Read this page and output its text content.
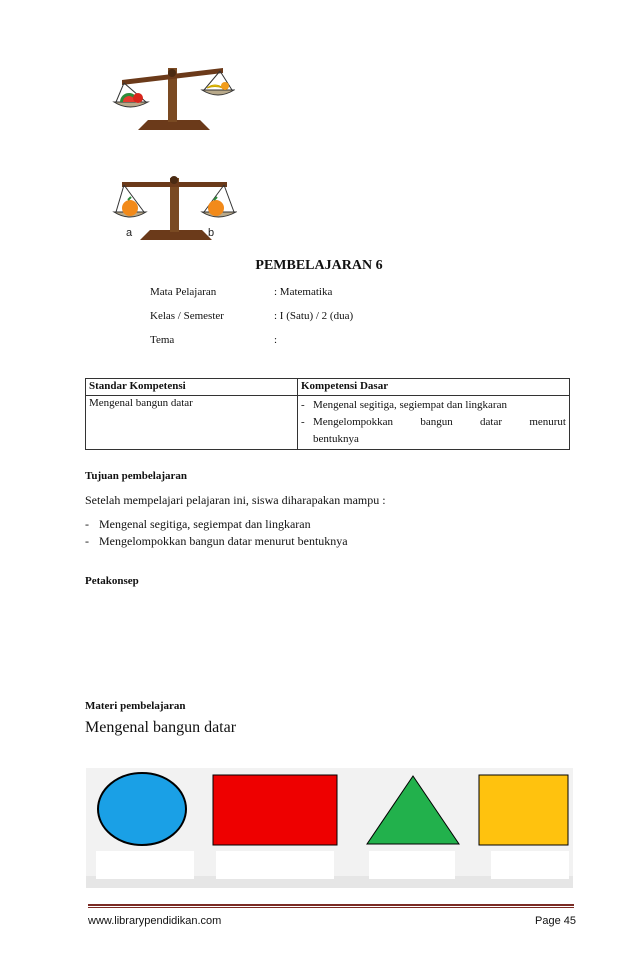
a	b
PEMBELAJARAN 6
Mata Pelajaran	: Matematika
Kelas / Semester	: I (Satu) / 2 (dua)
Tema	:
Standar Kompetensi	Kompetensi Dasar
Mengenal bangun datar	- Mengenal segitiga, segiempat dan lingkaran
- Mengelompokkan bangun datar menurut
bentuknya
Tujuan pembelajaran
Setelah mempelajari pelajaran ini, siswa diharapakan mampu :
- Mengenal segitiga, segiempat dan lingkaran
- Mengelompokkan bangun datar menurut bentuknya
Petakonsep
Materi pembelajaran
Mengenal bangun datar
www.librarypendidikan.com	Page 45
